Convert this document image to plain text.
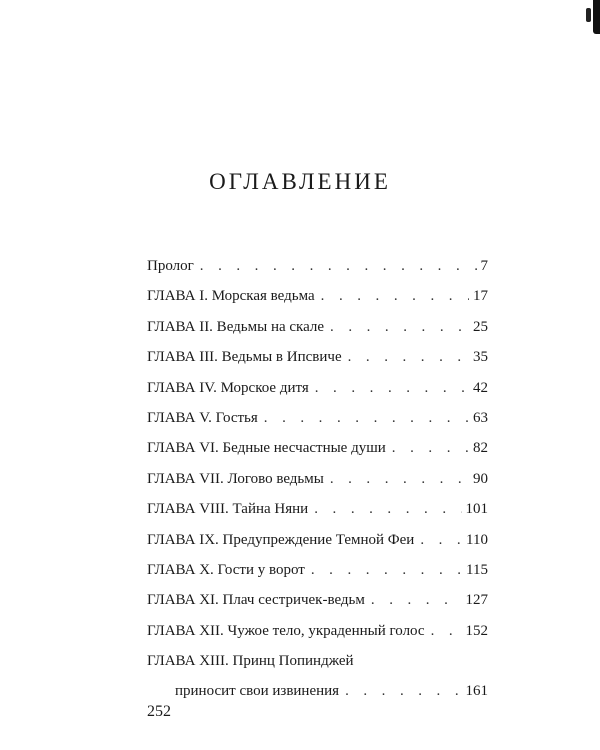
ОГЛАВЛЕНИЕ
Пролог . . .	7
ГЛАВА I. Морская ведьма . . .	17
ГЛАВА II. Ведьмы на скале . . .	25
ГЛАВА III. Ведьмы в Ипсвиче . . .	35
ГЛАВА IV. Морское дитя . . .	42
ГЛАВА V. Гостья . . .	63
ГЛАВА VI. Бедные несчастные души . . .	82
ГЛАВА VII. Логово ведьмы . . .	90
ГЛАВА VIII. Тайна Няни . . .	101
ГЛАВА IX. Предупреждение Темной Феи . . .	110
ГЛАВА X. Гости у ворот . . .	115
ГЛАВА XI. Плач сестричек-ведьм . . .	127
ГЛАВА XII. Чужое тело, украденный голос . . .	152
ГЛАВА XIII. Принц Попинджей
приносит свои извинения . . .	161

252
